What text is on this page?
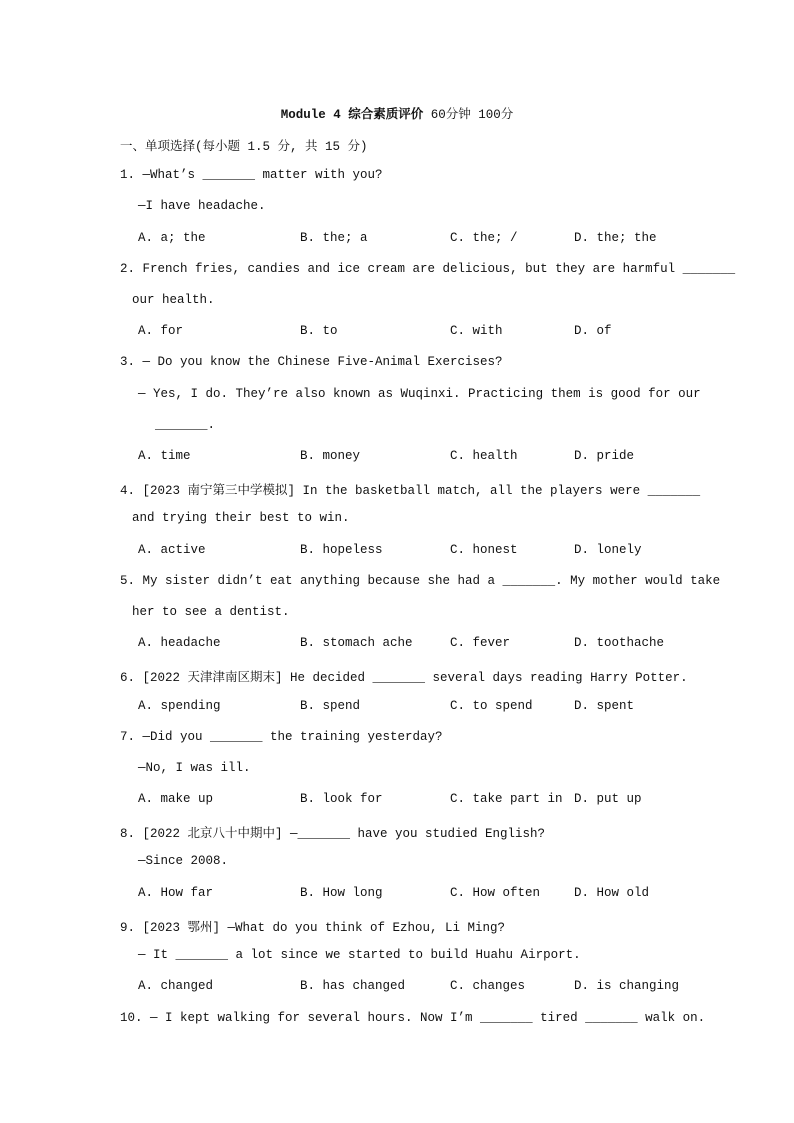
Module 4 综合素质评价 60分钟 100分
一、单项选择(每小题 1.5 分, 共 15 分)
1. —What’s _______ matter with you?
—I have headache.
A. a; the	B. the; a	C. the; /	D. the; the
2. French fries, candies and ice cream are delicious, but they are harmful _______
our health.
A. for	B. to	C. with	D. of
3. — Do you know the Chinese Five-Animal Exercises?
— Yes, I do. They’re also known as Wuqinxi. Practicing them is good for our
_______.
A. time	B. money	C. health	D. pride
4. [2023 南宁第三中学模拟] In the basketball match, all the players were _______
and trying their best to win.
A. active	B. hopeless	C. honest	D. lonely
5. My sister didn’t eat anything because she had a _______. My mother would take
her to see a dentist.
A. headache	B. stomach ache	C. fever	D. toothache
6. [2022 天津津南区期末] He decided _______ several days reading Harry Potter.
A. spending	B. spend	C. to spend	D. spent
7. —Did you _______ the training yesterday?
—No, I was ill.
A. make up	B. look for	C. take part in D. put up
8. [2022 北京八十中期中] —_______ have you studied English?
—Since 2008.
A. How far	B. How long	C. How often	D. How old
9. [2023 鄂州] —What do you think of Ezhou, Li Ming?
— It _______ a lot since we started to build Huahu Airport.
A. changed	B. has changed	C. changes	D. is changing
10. — I kept walking for several hours. Now I’m _______ tired _______ walk on.
